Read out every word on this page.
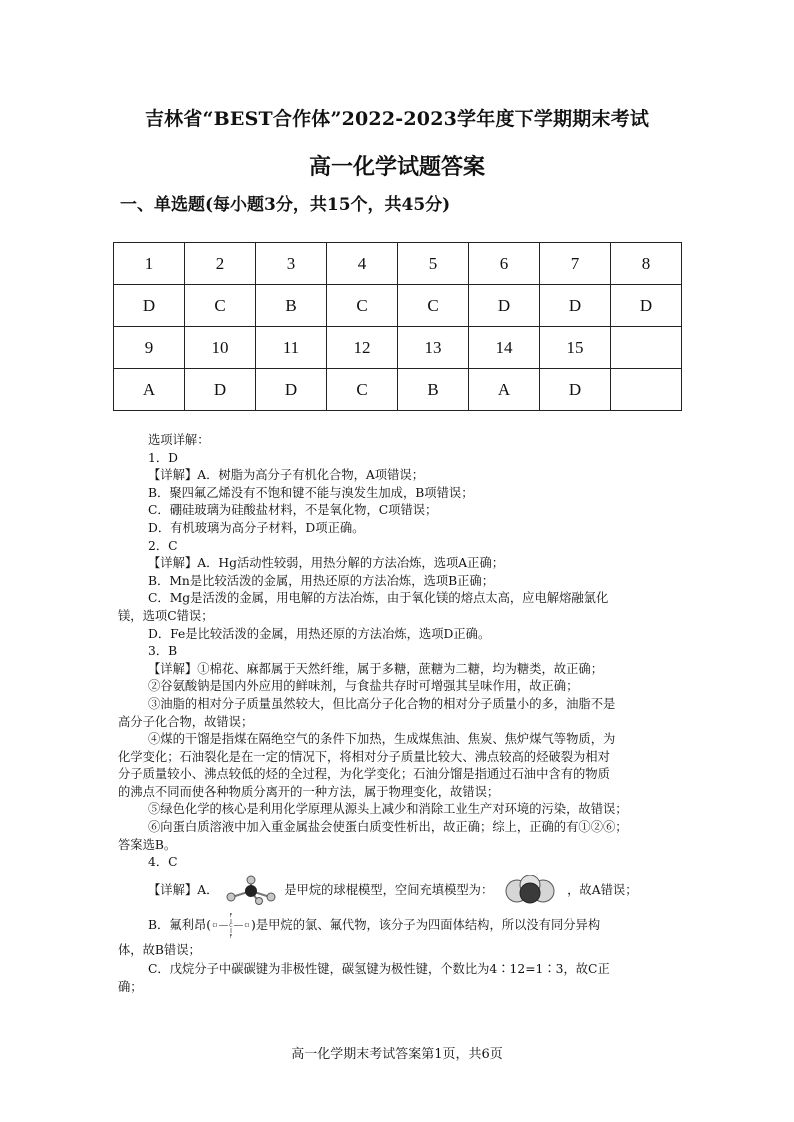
吉林省“BEST合作体”2022-2023学年度下学期期末考试
高一化学试题答案
一、单选题(每小题3分，共15个，共45分)
1	2	3	4	5	6	7	8
D	C	B	C	C	D	D	D
9	10	11	12	13	14	15	
A	D	D	C	B	A	D	

选项详解：

1．D

【详解】A．树脂为高分子有机化合物，A项错误；

B．聚四氟乙烯没有不饱和键不能与溴发生加成，B项错误；

C．硼硅玻璃为硅酸盐材料，不是氧化物，C项错误；

D．有机玻璃为高分子材料，D项正确。

2．C

【详解】A．Hg活动性较弱，用热分解的方法冶炼，选项A正确；

B．Mn是比较活泼的金属，用热还原的方法冶炼，选项B正确；

C．Mg是活泼的金属，用电解的方法冶炼，由于氧化镁的熔点太高，应电解熔融氯化

镁，选项C错误；

D．Fe是比较活泼的金属，用热还原的方法冶炼，选项D正确。

3．B

【详解】①棉花、麻都属于天然纤维，属于多糖，蔗糖为二糖，均为糖类，故正确；

②谷氨酸钠是国内外应用的鲜味剂，与食盐共存时可增强其呈味作用，故正确；

③油脂的相对分子质量虽然较大，但比高分子化合物的相对分子质量小的多，油脂不是

高分子化合物，故错误；

④煤的干馏是指煤在隔绝空气的条件下加热，生成煤焦油、焦炭、焦炉煤气等物质，为

化学变化；石油裂化是在一定的情况下，将相对分子质量比较大、沸点较高的烃破裂为相对

分子质量较小、沸点较低的烃的全过程，为化学变化；石油分馏是指通过石油中含有的物质

的沸点不同而使各种物质分离开的一种方法，属于物理变化，故错误；

⑤绿色化学的核心是利用化学原理从源头上减少和消除工业生产对环境的污染，故错误；

⑥向蛋白质溶液中加入重金属盐会使蛋白质变性析出，故正确；综上，正确的有①②⑥；

答案选B。

4．C

【详解】A．	是甲烷的球棍模型，空间充填模型为：	，故A错误；

B．氟利昂(
F
Cl C Cl
F
)是甲烷的氯、氟代物，该分子为四面体结构，所以没有同分异构

体，故B错误；

C．戊烷分子中碳碳键为非极性键，碳氢键为极性键，个数比为4∶12=1∶3，故C正

确；

高一化学期末考试答案第1页，共6页
